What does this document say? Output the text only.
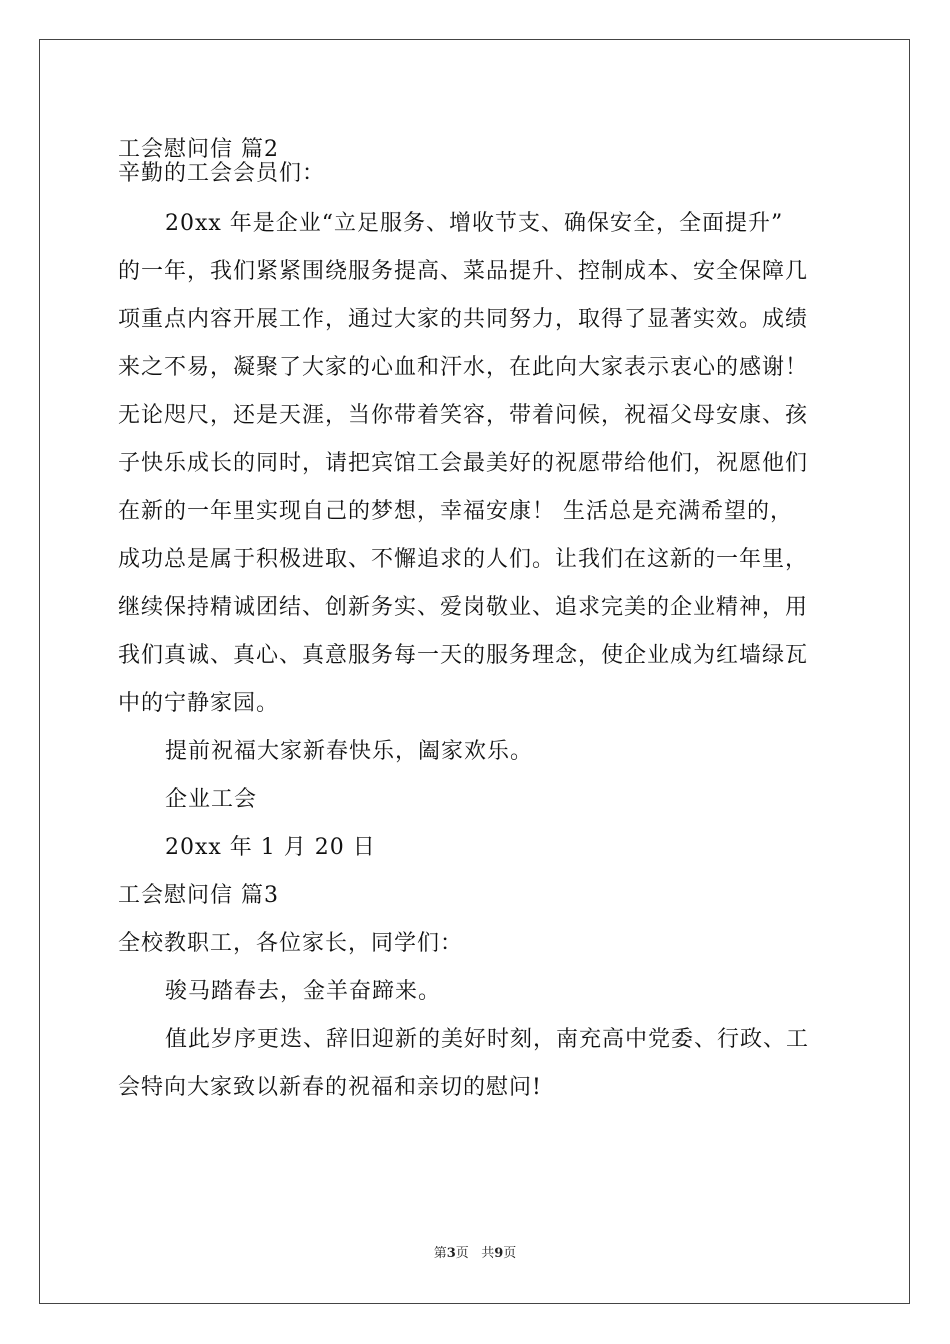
工会慰问信 篇2
辛勤的工会会员们：
20xx 年是企业“立足服务、增收节支、确保安全，全面提升”
的一年，我们紧紧围绕服务提高、菜品提升、控制成本、安全保障几
项重点内容开展工作，通过大家的共同努力，取得了显著实效。成绩
来之不易，凝聚了大家的心血和汗水，在此向大家表示衷心的感谢！
无论咫尺，还是天涯，当你带着笑容，带着问候，祝福父母安康、孩
子快乐成长的同时，请把宾馆工会最美好的祝愿带给他们，祝愿他们
在新的一年里实现自己的梦想，幸福安康！ 生活总是充满希望的，
成功总是属于积极进取、不懈追求的人们。让我们在这新的一年里，
继续保持精诚团结、创新务实、爱岗敬业、追求完美的企业精神，用
我们真诚、真心、真意服务每一天的服务理念，使企业成为红墙绿瓦
中的宁静家园。
提前祝福大家新春快乐，阖家欢乐。
企业工会
20xx 年 1 月 20 日
工会慰问信 篇3
全校教职工，各位家长，同学们：
骏马踏春去，金羊奋蹄来。
值此岁序更迭、辞旧迎新的美好时刻，南充高中党委、行政、工
会特向大家致以新春的祝福和亲切的慰问!
第3页 共9页
